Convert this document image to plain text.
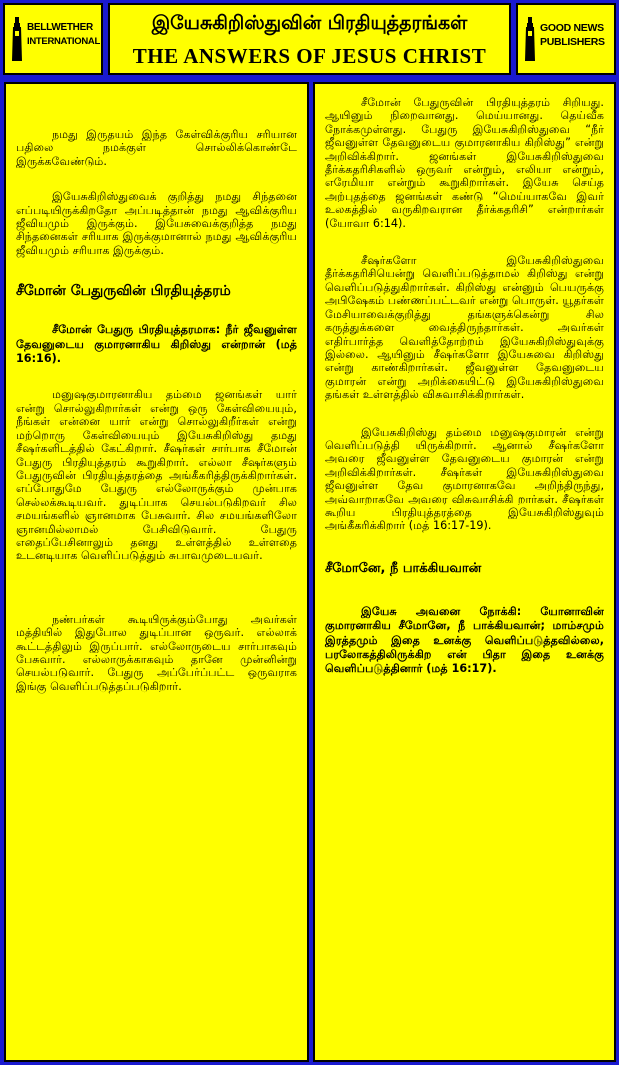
BELLWETHER
INTERNATIONAL
இயேசுகிறிஸ்துவின் பிரதியுத்தரங்கள்
THE ANSWERS OF JESUS CHRIST
GOOD NEWS
PUBLISHERS

நமது இருதயம் இந்த கேள்விக்குரிய சரியான பதிலை நமக்குள் சொல்லிக்கொண்டே இருக்கவேண்டும்.

இயேசுகிறிஸ்துவைக் குறித்து நமது சிந்தனை எப்படியிருக்கிறதோ அப்படித்தான் நமது ஆவிக்குரிய ஜீவியமும் இருக்கும். இயேசுவைக்குறித்த நமது சிந்தனைகள் சரியாக இருக்குமானால் நமது ஆவிக்குரிய ஜீவியமும் சரியாக இருக்கும்.

சீமோன் பேதுருவின் பிரதியுத்தரம்

சீமோன் பேதுரு பிரதியுத்தரமாக: நீர் ஜீவனுள்ள தேவனுடைய குமாரனாகிய கிறிஸ்து என்றான் (மத் 16:16).

மனுஷகுமாரனாகிய தம்மை ஜனங்கள் யார் என்று சொல்லுகிறார்கள் என்று ஒரு கேள்வியையும், நீங்கள் என்னை யார் என்று சொல்லுகிறீர்கள் என்று மற்றொரு கேள்வியையும் இயேசுகிறிஸ்து தமது சீஷர்களிடத்தில் கேட்கிறார். சீஷர்கள் சார்பாக சீமோன் பேதுரு பிரதியுத்தரம் கூறுகிறார். எல்லா சீஷர்களும் பேதுருவின் பிரதியுத்தரத்தை அங்கீகரித்திருக்கிறார்கள். எப்போதுமே பேதுரு எல்லோருக்கும் முன்பாக செல்லக்கூடியவர். துடிப்பாக செயல்படுகிறவர் சில சமயங்களில் ஞானமாக பேசுவார். சில சமயங்களிலோ ஞானமில்லாமல் பேசிவிடுவார். பேதுரு எதைப்பேசினாலும் தனது உள்ளத்தில் உள்ளதை உடனடியாக வெளிப்படுத்தும் சுபாவமுடையவர்.

நண்பர்கள் கூடியிருக்கும்போது அவர்கள் மத்தியில் இதுபோல துடிப்பான ஒருவர். எல்லாக் கூட்டத்திலும் இருப்பார். எல்லோருடைய சார்பாகவும் பேசுவார். எல்லாருக்காகவும் தானே முன்னின்று செயல்படுவார். பேதுரு அப்பேர்ப்பட்ட ஒருவராக இங்கு வெளிப்படுத்தப்படுகிறார்.

சீமோன் பேதுருவின் பிரதியுத்தரம் சிறியது. ஆயினும் நிறைவானது. மெய்யானது. தெய்வீக நோக்கமுள்ளது. பேதுரு இயேசுகிறிஸ்துவை “நீர் ஜீவனுள்ள தேவனுடைய குமாரனாகிய கிறிஸ்து” என்று அறிவிக்கிறார். ஜனங்கள் இயேசுகிறிஸ்துவை தீர்க்கதரிசிகளில் ஒருவர் என்றும், எலியா என்றும், எரேமியா என்றும் கூறுகிறார்கள். இயேசு செய்த அற்புதத்தை ஜனங்கள் கண்டு “மெய்யாகவே இவர் உலகத்தில் வருகிறவரான தீர்க்கதரிசி” என்றார்கள் (யோவா 6:14).

சீஷர்களோ இயேசுகிறிஸ்துவை தீர்க்கதரிசியென்று வெளிப்படுத்தாமல் கிறிஸ்து என்று வெளிப்படுத்துகிறார்கள். கிறிஸ்து என்னும் பெயருக்கு அபிஷேகம் பண்ணப்பட்டவர் என்று பொருள். யூதர்கள் மேசியாவைக்குறித்து தங்களுக்கென்று சில கருத்துக்களை வைத்திருந்தார்கள். அவர்கள் எதிர்பார்த்த வெளித்தோற்றம் இயேசுகிறிஸ்துவுக்கு இல்லை. ஆயினும் சீஷர்களோ இயேசுவை கிறிஸ்து என்று காண்கிறார்கள். ஜீவனுள்ள தேவனுடைய குமாரன் என்று அறிக்கையிட்டு இயேசுகிறிஸ்துவை தங்கள் உள்ளத்தில் விசுவாசிக்கிறார்கள்.

இயேசுகிறிஸ்து தம்மை மனுஷகுமாரன் என்று வெளிப்படுத்தி யிருக்கிறார். ஆனால் சீஷர்களோ அவரை ஜீவனுள்ள தேவனுடைய குமாரன் என்று அறிவிக்கிறார்கள். சீஷர்கள் இயேசுகிறிஸ்துவை ஜீவனுள்ள தேவ குமாரனாகவே அறிந்திருந்து, அவ்வாறாகவே அவரை விசுவாசிக்கி றார்கள். சீஷர்கள் கூறிய பிரதியுத்தரத்தை இயேசுகிறிஸ்துவும் அங்கீகரிக்கிறார் (மத் 16:17-19).

சீமோனே, நீ பாக்கியவான்

இயேசு அவனை நோக்கி: யோனாவின் குமாரனாகிய சீமோனே, நீ பாக்கியவான்; மாம்சமும் இரத்தமும் இதை உனக்கு வெளிப்படுத்தவில்லை, பரலோகத்திலிருக்கிற என் பிதா இதை உனக்கு வெளிப்படுத்தினார் (மத் 16:17).
